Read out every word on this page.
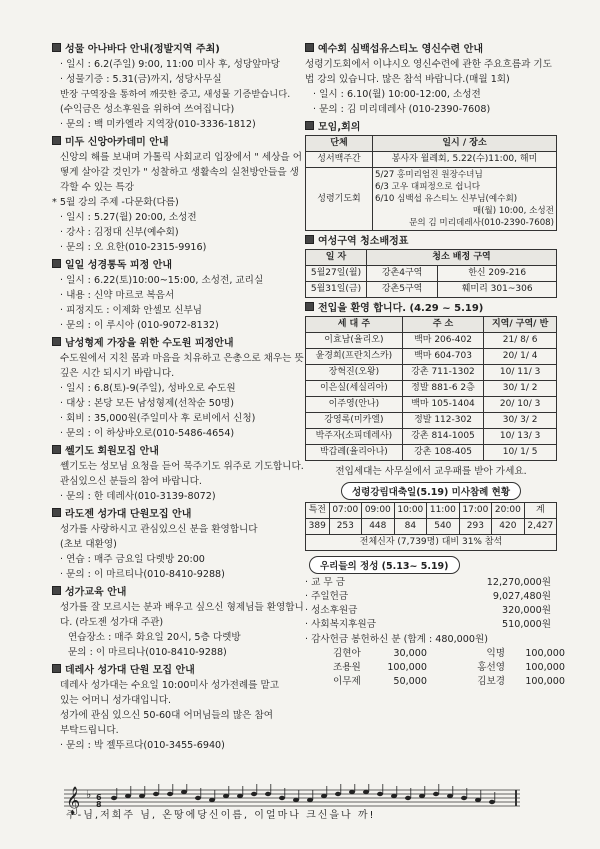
성물 아나바다 안내(정발지역 주최)
· 일시 : 6.2(주일) 9:00, 11:00 미사 후, 성당앞마당
· 성물기증 : 5.31(금)까지, 성당사무실
반장 구역장을 통하여 깨끗한 중고, 새성물 기증받습니다.
(수익금은 성소후원을 위하여 쓰여집니다)
· 문의 : 백 미카엘라 지역장(010-3336-1812)
미두 신앙아카데미 안내
신앙의 해를 보내며 가톨릭 사회교리 입장에서 " 세상을 어떻게 살아갈 것인가 " 성찰하고 생활속의 실천방안들을 생각할 수 있는 특강
* 5월 강의 주제 -다문화(다름)
· 일시 : 5.27(월) 20:00, 소성전
· 강사 : 김정대 신부(예수회)
· 문의 : 오 요한(010-2315-9916)
일일 성경통독 피정 안내
· 일시 : 6.22(토)10:00~15:00, 소성전, 교리실
· 내용 : 신약 마르코 복음서
· 피정지도 : 이제화 안셀모 신부님
· 문의 : 이 루시아 (010-9072-8132)
남성형제 가장을 위한 수도원 피정안내
수도원에서 지친 몸과 마음을 치유하고 은총으로 채우는 뜻깊은 시간 되시기 바랍니다.
· 일시 : 6.8(토)-9(주일), 성바오로 수도원
· 대상 : 본당 모든 남성형제(선착순 50명)
· 회비 : 35,000원(주일미사 후 로비에서 신청)
· 문의 : 이 하상바오로(010-5486-4654)
쎌기도 회원모집 안내
쎌기도는 성모님 요청을 듣어 묵주기도 위주로 기도합니다. 관심있으신 분들의 참여 바랍니다.
· 문의 : 한 데레사(010-3139-8072)
라도젠 성가대 단원모집 안내
성가를 사랑하시고 관심있으신 분을 환영합니다
(초보 대환영)
· 연습 : 매주 금요일 다렛방 20:00
· 문의 : 이 마르티나(010-8410-9288)
성가교육 안내
성가를 잘 모르시는 분과 배우고 싶으신 형제님들 환영합니다. (라도젠 성가대 주관)
연습장소 : 매주 화요일 20시, 5층 다렛방
문의 : 이 마르티나(010-8410-9288)
데레사 성가대 단원 모집 안내
데레사 성가대는 수요일 10:00미사 성가전례를 맡고
있는 어머니 성가대입니다.
성가에 관심 있으신 50-60대 어머님들의 많은 참여
부탁드립니다.
· 문의 : 박 젤뚜르다(010-3455-6940)
예수회 심백섭유스티노 영신수련 안내
성령기도회에서 이냐시오 영신수련에 관한 주요흐름과 기도법 강의 있습니다. 많은 참석 바랍니다.(매월 1회)
· 일시 : 6.10(월) 10:00-12:00, 소성전
· 문의 : 김 미리데레사 (010-2390-7608)
모임,회의
단체	일시 / 장소
성서백주간	봉사자 월례회, 5.22(수)11:00, 해미
성령기도회	5/27 홍미리엄진 원장수녀님
6/3 고우 대피정으로 쉽니다
6/10 심백섭 유스티노 신부님(예수회)
매(월) 10:00, 소성전
문의 김 미리데레사(010-2390-7608)
여성구역 청소배정표
일 자	청소 배정 구역	
5월27일(월)	강촌4구역	한신 209-216
5월31일(금)	강촌5구역	훼미리 301~306
전입을 환영 합니다. (4.29 ~ 5.19)
세 대 주	주 소	지역/ 구역/ 반
이효남(율리오)	백마 206-402	21/ 8/ 6
윤경희(프란치스카)	백마 604-703	20/ 1/ 4
장혁진(오왕)	강촌 711-1302	10/ 11/ 3
이은실(세실리아)	정발 881-6 2층	30/ 1/ 2
이주영(안나)	백마 105-1404	20/ 10/ 3
강영록(미카엘)	정발 112-302	30/ 3/ 2
박주자(소피데레사)	강촌 814-1005	10/ 13/ 3
박갑례(율리아나)	강촌 108-405	10/ 1/ 5
전입세대는 사무실에서 교우패를 받아 가세요.
성령강림대축일(5.19) 미사참례 현황
특전	07:00	09:00	10:00	11:00	17:00	20:00	계
389	253	448	84	540	293	420	2,427
전체신자 (7,739명) 대비 31% 참석							
우리들의 정성 (5.13~ 5.19)
· 교 무 금	12,270,000원
· 주일헌금	9,027,480원
· 성소후원금	320,000원
· 사회복지후원금	510,000원
· 감사헌금 봉헌하신 분 (합계 : 480,000원)
김현아	30,000	익명	100,000
조용원	100,000	홍선영	100,000
이무제	50,000	김보경	100,000
𝄞 ♭ 6
8
주-님,저희주 님, 온땅에당신이름, 이얼마나 크신을나 까!
